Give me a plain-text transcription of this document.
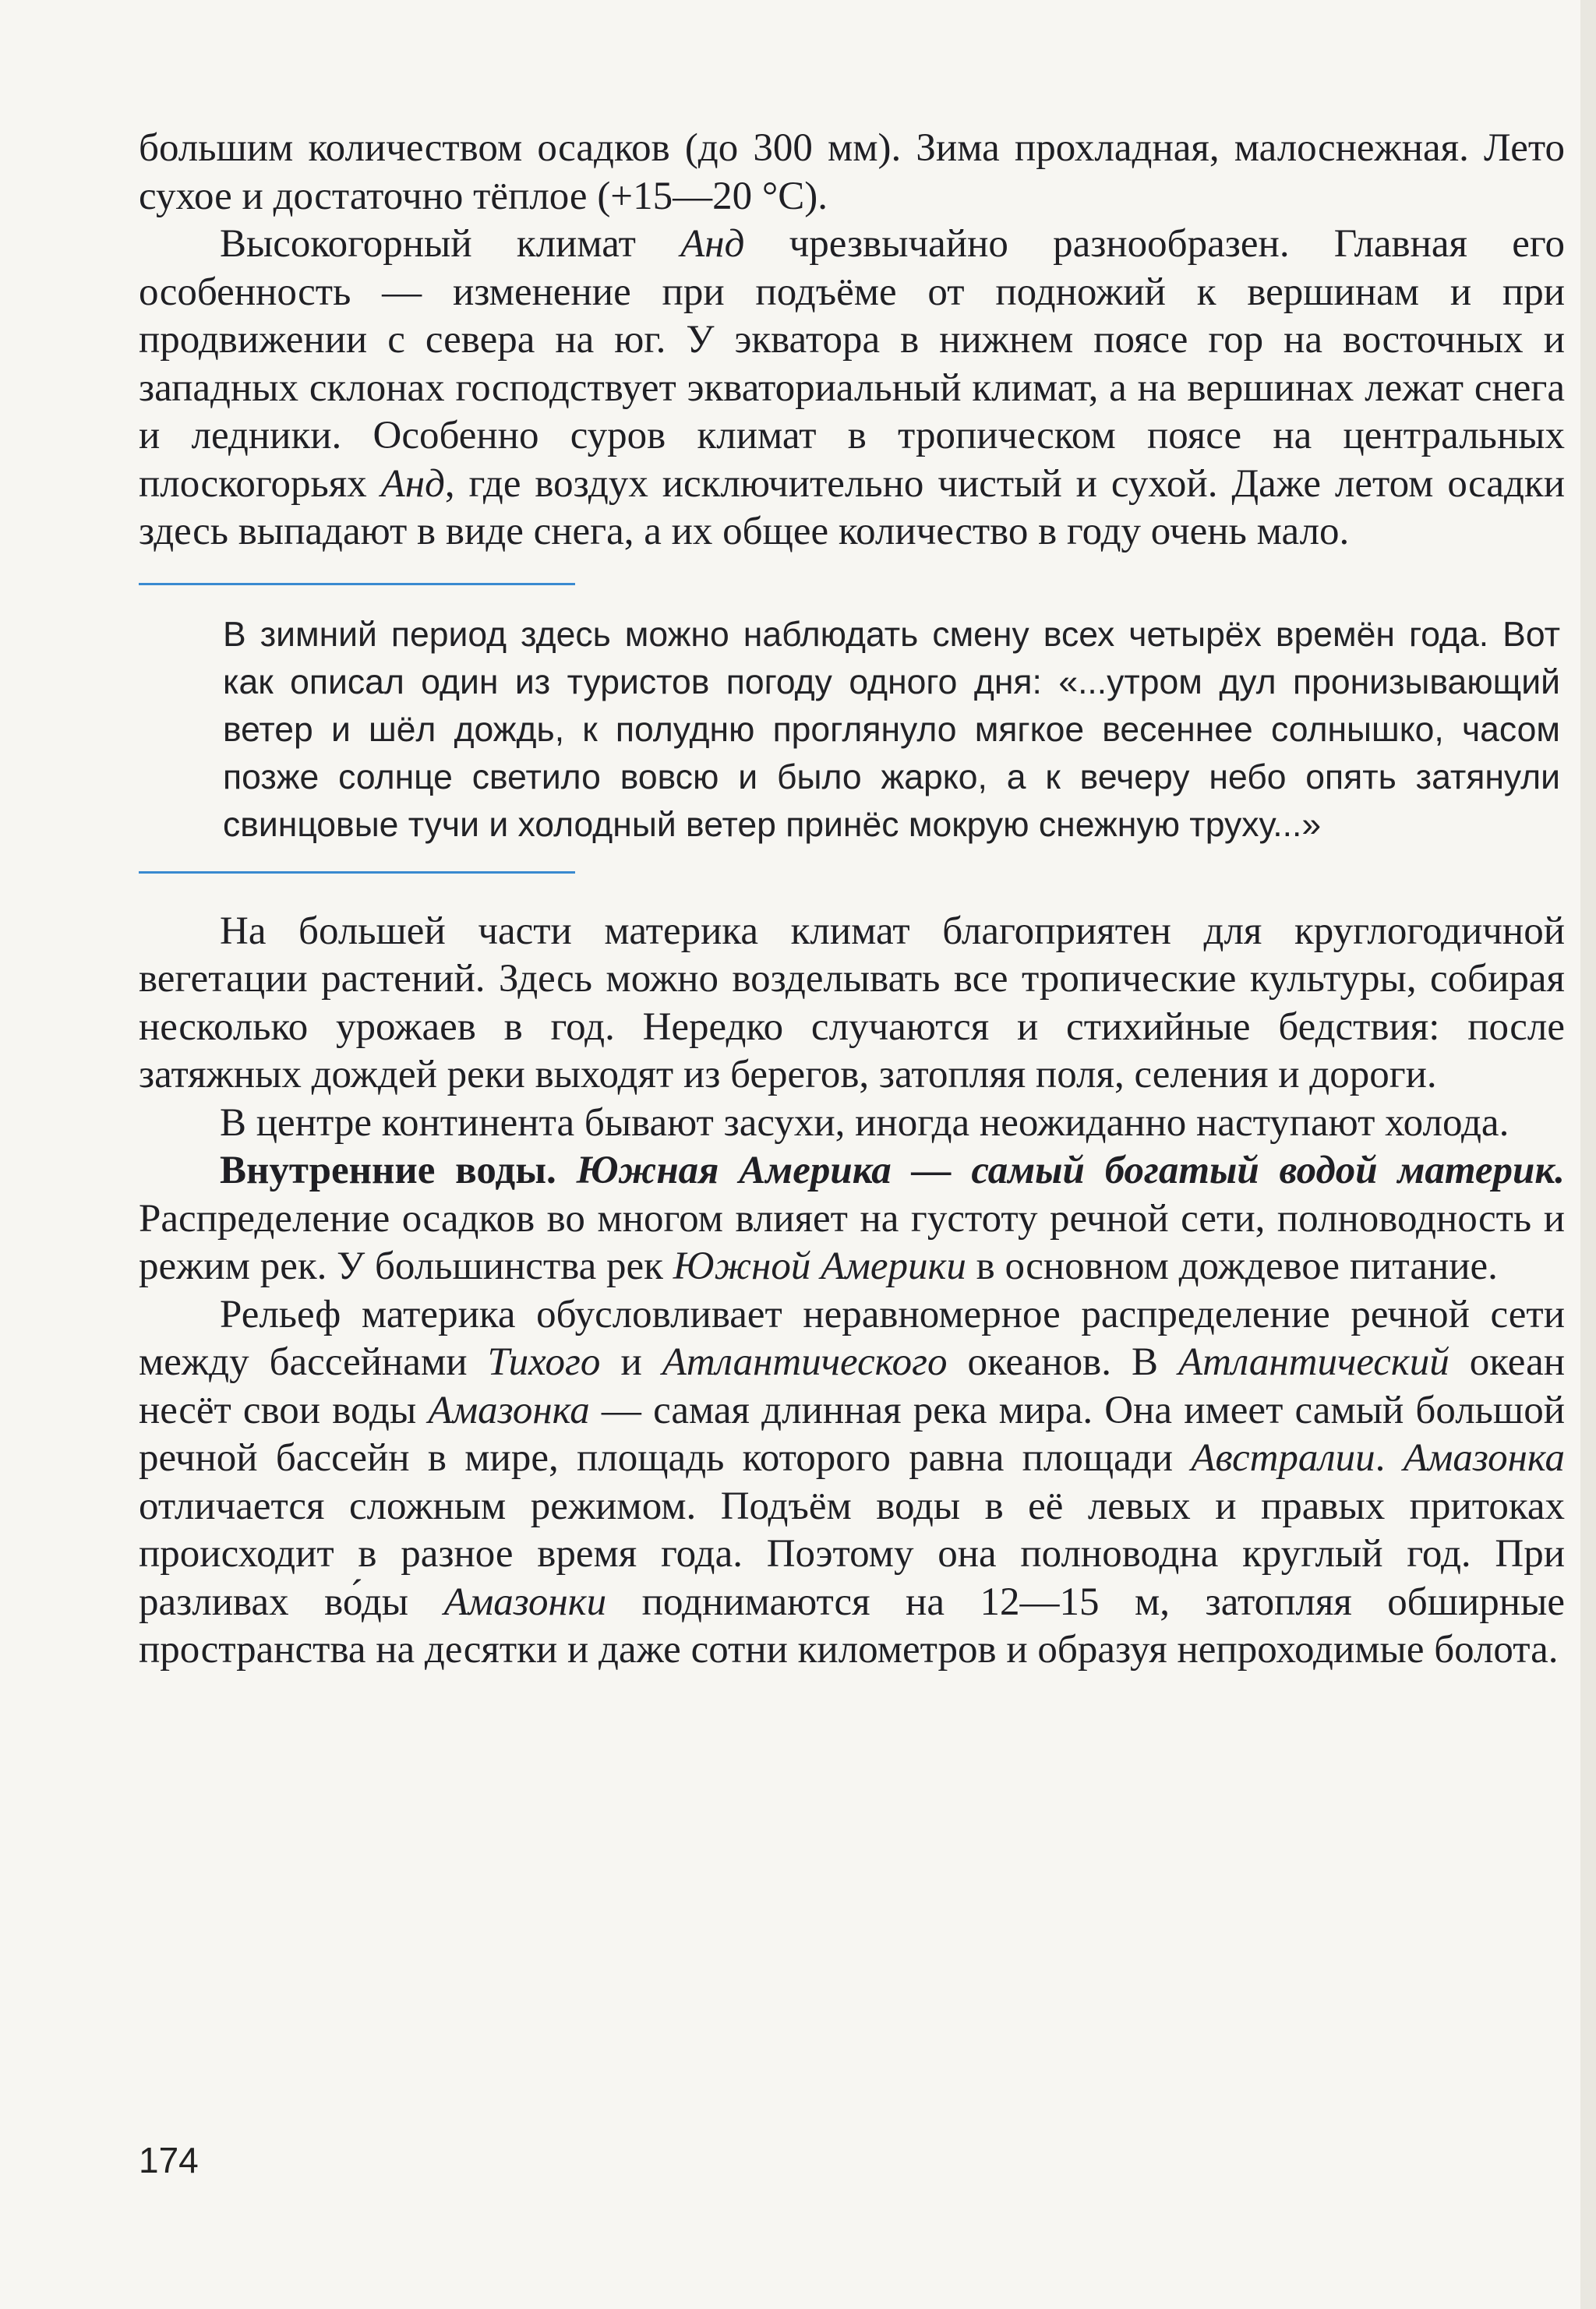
большим количеством осадков (до 300 мм). Зима прохладная, малоснежная. Лето сухое и достаточно тёплое (+15—20 °C).

Высокогорный климат Анд чрезвычайно разнообразен. Главная его особенность — изменение при подъёме от подножий к вершинам и при продвижении с севера на юг. У экватора в нижнем поясе гор на восточных и западных склонах господствует экваториальный климат, а на вершинах лежат снега и ледники. Особенно суров климат в тропическом поясе на центральных плоскогорьях Анд, где воздух исключительно чистый и сухой. Даже летом осадки здесь выпадают в виде снега, а их общее количество в году очень мало.

В зимний период здесь можно наблюдать смену всех четырёх времён года. Вот как описал один из туристов погоду одного дня: «...утром дул пронизывающий ветер и шёл дождь, к полудню проглянуло мягкое весеннее солнышко, часом позже солнце светило вовсю и было жарко, а к вечеру небо опять затянули свинцовые тучи и холодный ветер принёс мокрую снежную труху...»

На большей части материка климат благоприятен для круглогодичной вегетации растений. Здесь можно возделывать все тропические культуры, собирая несколько урожаев в год. Нередко случаются и стихийные бедствия: после затяжных дождей реки выходят из берегов, затопляя поля, селения и дороги.

В центре континента бывают засухи, иногда неожиданно наступают холода.

Внутренние воды. Южная Америка — самый богатый водой материк. Распределение осадков во многом влияет на густоту речной сети, полноводность и режим рек. У большинства рек Южной Америки в основном дождевое питание.

Рельеф материка обусловливает неравномерное распределение речной сети между бассейнами Тихого и Атлантического океанов. В Атлантический океан несёт свои воды Амазонка — самая длинная река мира. Она имеет самый большой речной бассейн в мире, площадь которого равна площади Австралии. Амазонка отличается сложным режимом. Подъём воды в её левых и правых притоках происходит в разное время года. Поэтому она полноводна круглый год. При разливах во́ды Амазонки поднимаются на 12—15 м, затопляя обширные пространства на десятки и даже сотни километров и образуя непроходимые болота.

174
